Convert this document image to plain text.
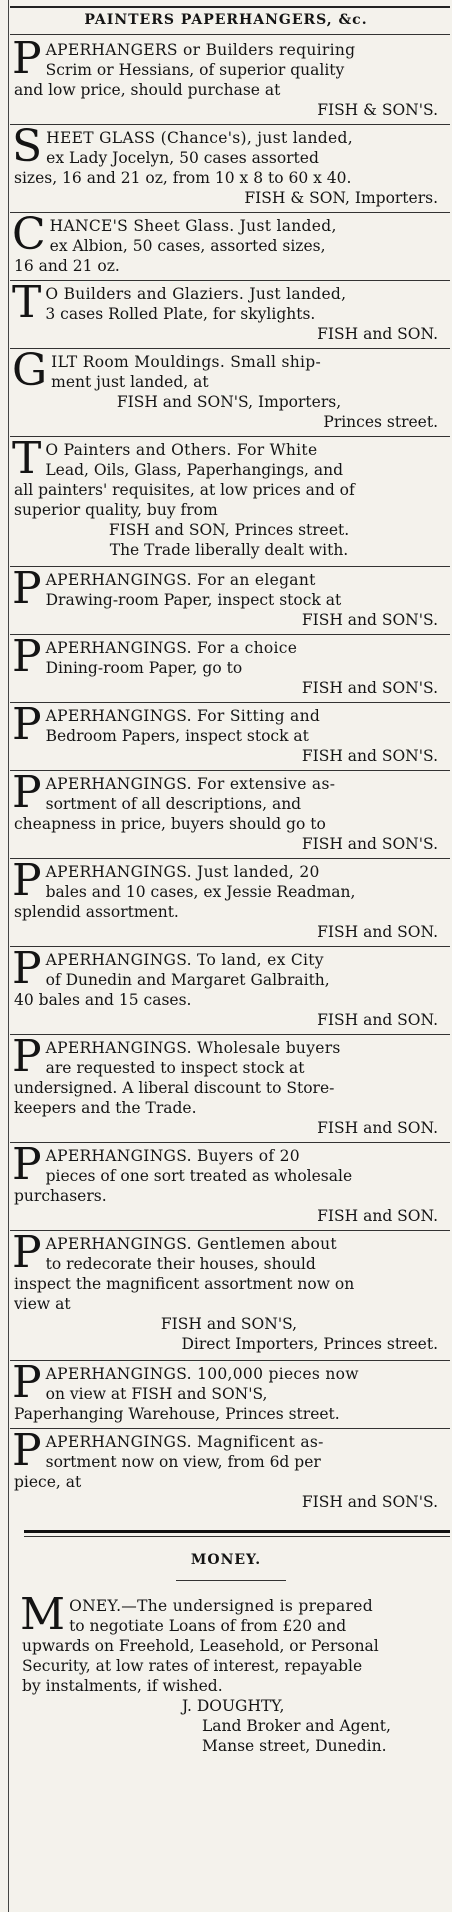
PAINTERS PAPERHANGERS, &c.
P APERHANGERS or Builders requiring

Scrim or Hessians, of superior quality

and low price, should purchase at

FISH & SON'S.

S HEET GLASS (Chance's), just landed,

ex Lady Jocelyn, 50 cases assorted

sizes, 16 and 21 oz, from 10 x 8 to 60 x 40.

FISH & SON, Importers.

C HANCE'S Sheet Glass. Just landed,

ex Albion, 50 cases, assorted sizes,

16 and 21 oz.

T O Builders and Glaziers. Just landed,

3 cases Rolled Plate, for skylights.

FISH and SON.

G ILT Room Mouldings. Small ship-

ment just landed, at

FISH and SON'S, Importers,

Princes street.

T O Painters and Others. For White

Lead, Oils, Glass, Paperhangings, and

all painters' requisites, at low prices and of

superior quality, buy from

FISH and SON, Princes street.

The Trade liberally dealt with.

P APERHANGINGS. For an elegant

Drawing-room Paper, inspect stock at

FISH and SON'S.

P APERHANGINGS. For a choice

Dining-room Paper, go to

FISH and SON'S.

P APERHANGINGS. For Sitting and

Bedroom Papers, inspect stock at

FISH and SON'S.

P APERHANGINGS. For extensive as-

sortment of all descriptions, and

cheapness in price, buyers should go to

FISH and SON'S.

P APERHANGINGS. Just landed, 20

bales and 10 cases, ex Jessie Readman,

splendid assortment.

FISH and SON.

P APERHANGINGS. To land, ex City

of Dunedin and Margaret Galbraith,

40 bales and 15 cases.

FISH and SON.

P APERHANGINGS. Wholesale buyers

are requested to inspect stock at

undersigned. A liberal discount to Store-

keepers and the Trade.

FISH and SON.

P APERHANGINGS. Buyers of 20

pieces of one sort treated as wholesale

purchasers.

FISH and SON.

P APERHANGINGS. Gentlemen about

to redecorate their houses, should

inspect the magnificent assortment now on

view at

FISH and SON'S,

Direct Importers, Princes street.

P APERHANGINGS. 100,000 pieces now

on view at FISH and SON'S,

Paperhanging Warehouse, Princes street.

P APERHANGINGS. Magnificent as-

sortment now on view, from 6d per

piece, at

FISH and SON'S.

MONEY.
M ONEY.—The undersigned is prepared

to negotiate Loans of from £20 and

upwards on Freehold, Leasehold, or Personal

Security, at low rates of interest, repayable

by instalments, if wished.

J. DOUGHTY,

Land Broker and Agent,

Manse street, Dunedin.
